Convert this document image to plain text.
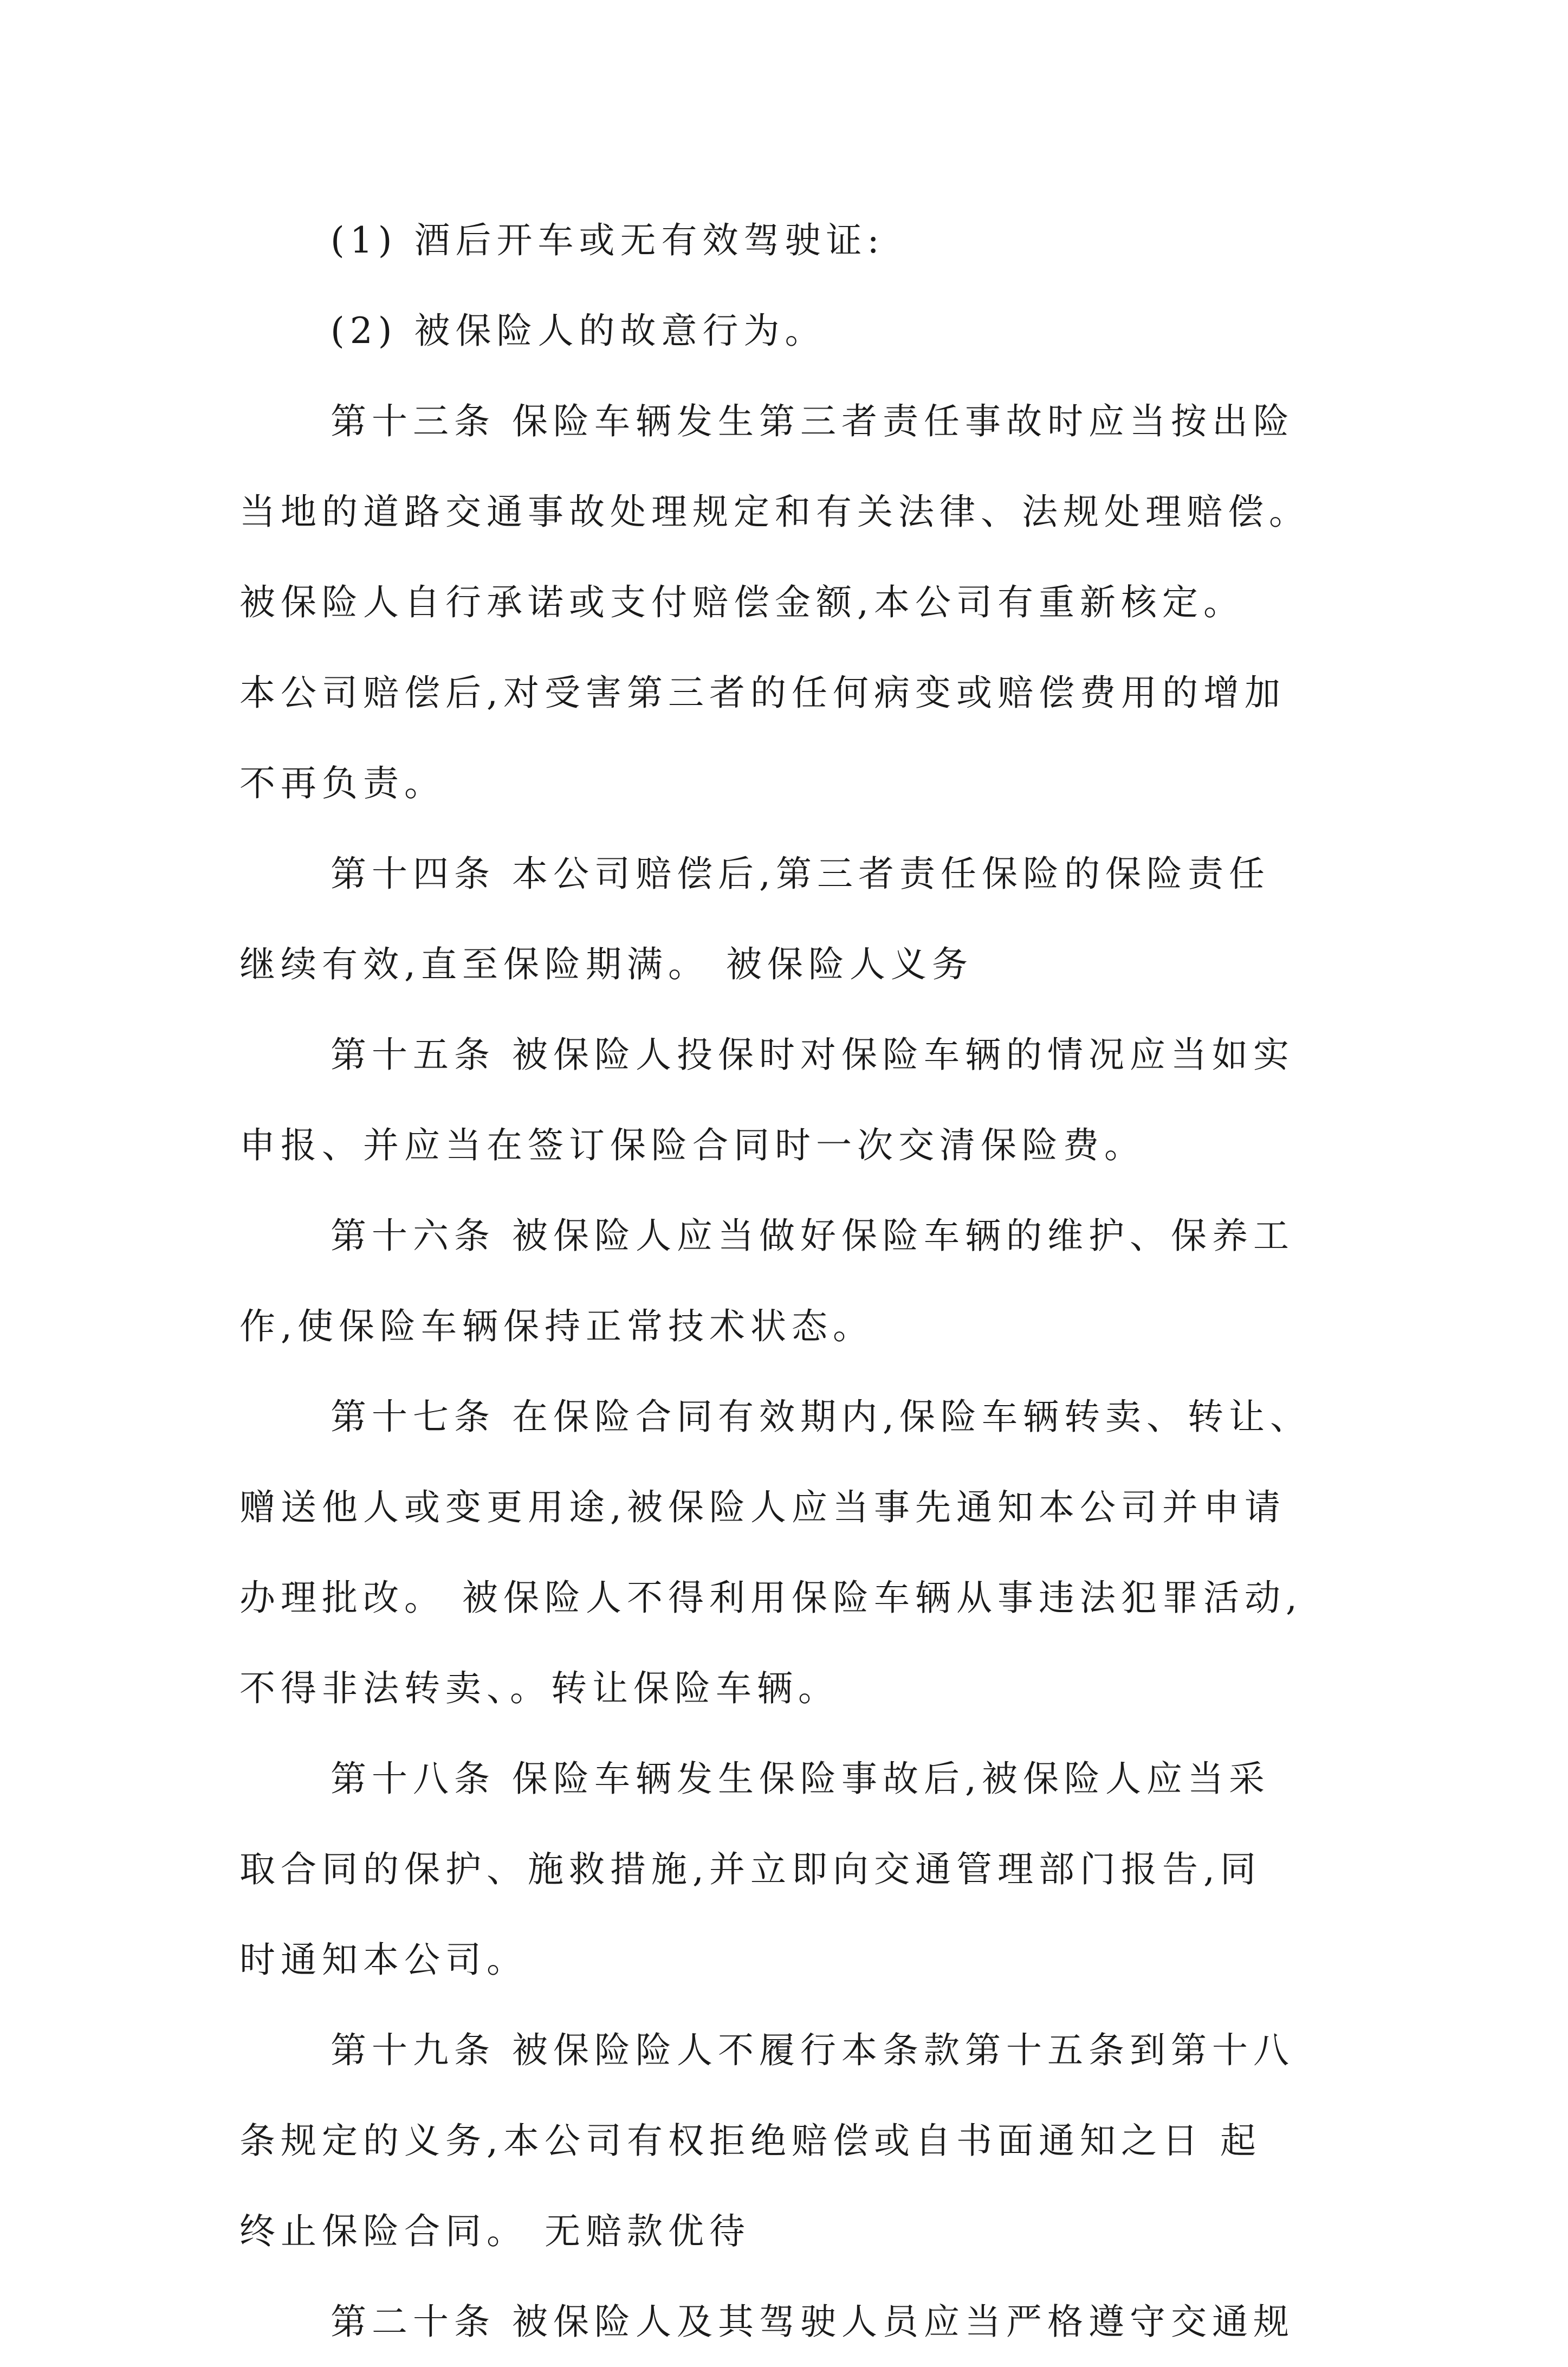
(1) 酒后开车或无有效驾驶证:
(2) 被保险人的故意行为。
第十三条 保险车辆发生第三者责任事故时应当按出险
当地的道路交通事故处理规定和有关法律、法规处理赔偿。
被保险人自行承诺或支付赔偿金额,本公司有重新核定。
本公司赔偿后,对受害第三者的任何病变或赔偿费用的增加
不再负责。
第十四条 本公司赔偿后,第三者责任保险的保险责任
继续有效,直至保险期满。 被保险人义务
第十五条 被保险人投保时对保险车辆的情况应当如实
申报、并应当在签订保险合同时一次交清保险费。
第十六条 被保险人应当做好保险车辆的维护、保养工
作,使保险车辆保持正常技术状态。
第十七条 在保险合同有效期内,保险车辆转卖、转让、
赠送他人或变更用途,被保险人应当事先通知本公司并申请
办理批改。 被保险人不得利用保险车辆从事违法犯罪活动,
不得非法转卖、。转让保险车辆。
第十八条 保险车辆发生保险事故后,被保险人应当采
取合同的保护、施救措施,并立即向交通管理部门报告,同
时通知本公司。
第十九条 被保险险人不履行本条款第十五条到第十八
条规定的义务,本公司有权拒绝赔偿或自书面通知之日 起
终止保险合同。 无赔款优待
第二十条 被保险人及其驾驶人员应当严格遵守交通规
